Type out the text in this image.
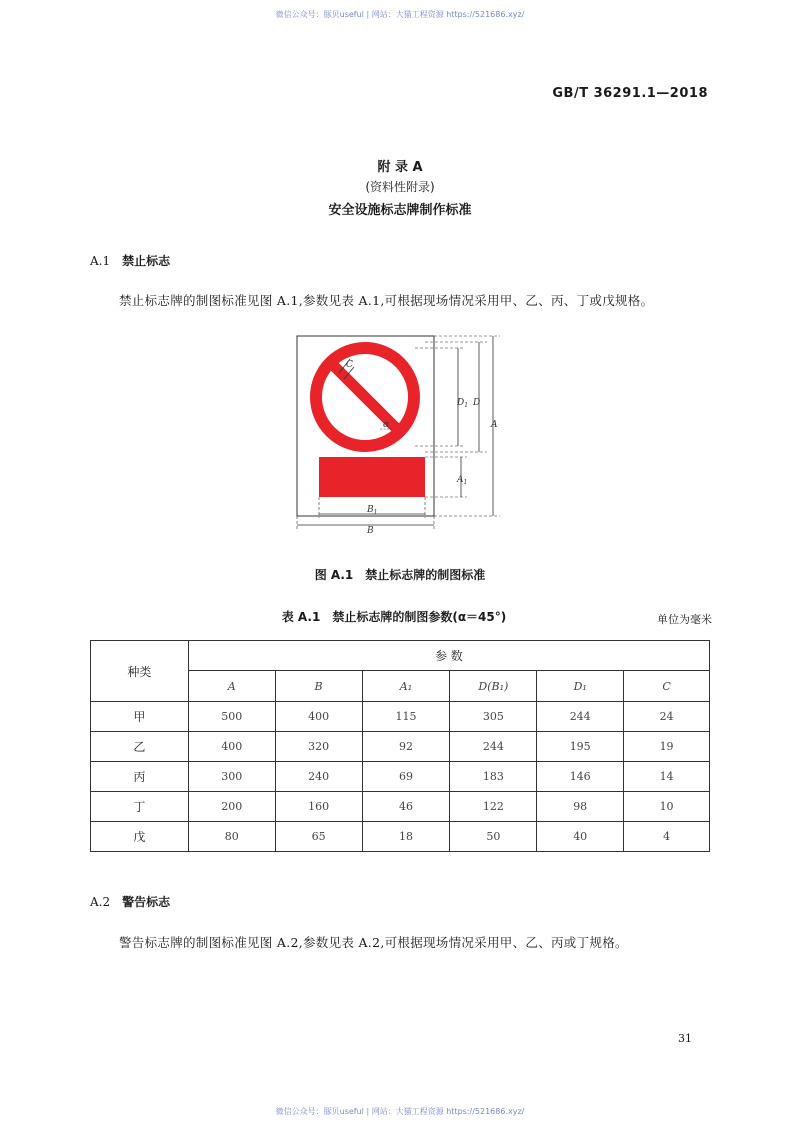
微信公众号：豚贝useful | 网站：大猫工程资源 https://521686.xyz/
GB/T 36291.1—2018
附 录 A
(资料性附录)
安全设施标志牌制作标准
A.1 禁止标志
禁止标志牌的制图标准见图 A.1,参数见表 A.1,可根据现场情况采用甲、乙、丙、丁或戊规格。
C
α
$D_1$ D
A
$A_1$
$B_1$
B
图 A.1　禁止标志牌的制图标准
表 A.1　禁止标志牌的制图参数(α＝45°)	单位为毫米
种类	参 数					
	A	B	A₁	D(B₁)	D₁	C
甲	500	400	115	305	244	24
乙	400	320	92	244	195	19
丙	300	240	69	183	146	14
丁	200	160	46	122	98	10
戊	80	65	18	50	40	4
A.2 警告标志
警告标志牌的制图标准见图 A.2,参数见表 A.2,可根据现场情况采用甲、乙、丙或丁规格。
31
微信公众号：豚贝useful | 网站：大猫工程资源 https://521686.xyz/
